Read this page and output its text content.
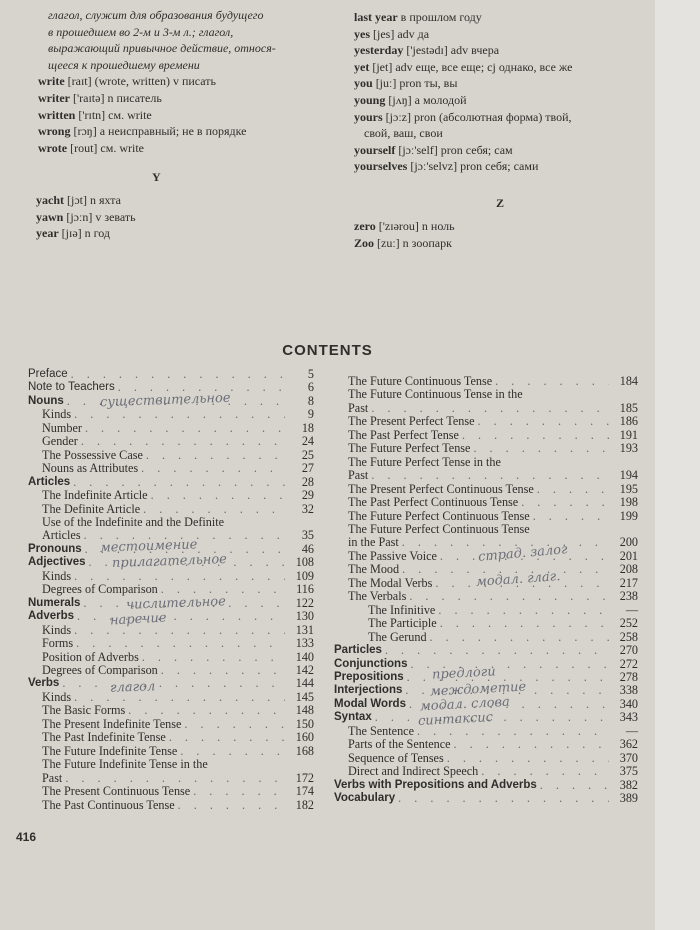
глагол, служит для образования будущего
в прошедшем во 2-м и 3-м л.; глагол,
выражающий привычное действие, относя-
щееся к прошедшему времени
write [raɪt] (wrote, written) v писать
writer ['raɪtə] n писатель
written ['rɪtn] см. write
wrong [rɔŋ] a неисправный; не в порядке
wrote [rout] см. write
last year в прошлом году
yes [jes] adv да
yesterday ['jestədɪ] adv вчера
yet [jet] adv еще, все еще; cj однако, все же
you [juː] pron ты, вы
young [jʌŋ] a молодой
yours [jɔːz] pron (абсолютная форма) твой,
свой, ваш, свои
yourself [jɔː'self] pron себя; сам
yourselves [jɔː'selvz] pron себя; сами
Y
yacht [jɔt] n яхта
yawn [jɔːn] v зевать
year [jɪə] n год
Z
zero ['zɪərou] n ноль
Zoo [zuː] n зоопарк
CONTENTS
Preface . . .	5
Note to Teachers . . .	6
Nouns . . .	8
Kinds . . .	9
Number . . .	18
Gender . . .	24
The Possessive Case . . .	25
Nouns as Attributes . . .	27
Articles . . .	28
The Indefinite Article . . .	29
The Definite Article . . .	32
Use of the Indefinite and the Definite
Articles . . .	35
Pronouns . . .	46
Adjectives . . .	108
Kinds . . .	109
Degrees of Comparison . . .	116
Numerals . . .	122
Adverbs . . .	130
Kinds . . .	131
Forms . . .	133
Position of Adverbs . . .	140
Degrees of Comparison . . .	142
Verbs . . .	144
Kinds . . .	145
The Basic Forms . . .	148
The Present Indefinite Tense . . .	150
The Past Indefinite Tense . . .	160
The Future Indefinite Tense . . .	168
The Future Indefinite Tense in the
Past . . .	172
The Present Continuous Tense . . .	174
The Past Continuous Tense . . .	182
The Future Continuous Tense . . .	184
The Future Continuous Tense in the
Past . . .	185
The Present Perfect Tense . . .	186
The Past Perfect Tense . . .	191
The Future Perfect Tense . . .	193
The Future Perfect Tense in the
Past . . .	194
The Present Perfect Continuous Tense . . .	195
The Past Perfect Continuous Tense . . .	198
The Future Perfect Continuous Tense . . .	199
The Future Perfect Continuous Tense
in the Past . . .	200
The Passive Voice . . .	201
The Mood . . .	208
The Modal Verbs . . .	217
The Verbals . . .	238
The Infinitive . . .	—
The Participle . . .	252
The Gerund . . .	258
Particles . . .	270
Conjunctions . . .	272
Prepositions . . .	278
Interjections . . .	338
Modal Words . . .	340
Syntax . . .	343
The Sentence . . .	—
Parts of the Sentence . . .	362
Sequence of Tenses . . .	370
Direct and Indirect Speech . . .	375
Verbs with Prepositions and Adverbs . . .	382
Vocabulary . . .	389
существительное
местоимение
прилагательное
числительное
наречие
глагол
страд. залог
модал. глаг.
предлоги
междометие
модал. слова
синтаксис
416
